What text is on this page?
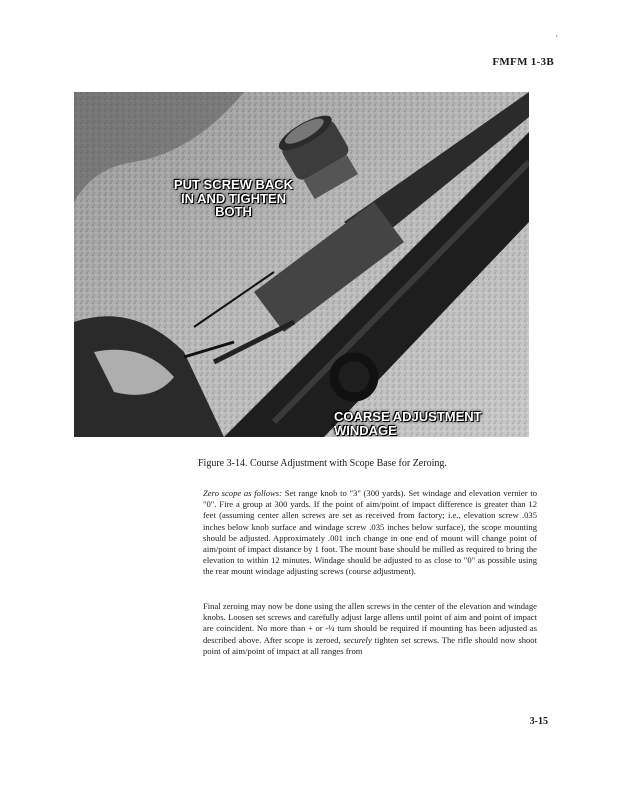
·
FMFM 1-3B
PUT SCREW BACK IN AND TIGHTEN BOTH
COARSE ADJUSTMENT WINDAGE
Figure 3-14. Course Adjustment with Scope Base for Zeroing.

Zero scope as follows: Set range knob to "3" (300 yards). Set windage and elevation vernier to "0". Fire a group at 300 yards. If the point of aim/point of impact difference is greater than 12 feet (assuming center allen screws are set as received from factory; i.e., elevation screw .035 inches below knob surface and windage screw .035 inches below surface), the scope mounting should be adjusted. Approximately .001 inch change in one end of mount will change point of aim/point of impact distance by 1 foot. The mount base should be milled as required to bring the elevation to within 12 minutes. Windage should be adjusted to as close to "0" as possible using the rear mount windage adjusting screws (course adjustment).

Final zeroing may now be done using the allen screws in the center of the elevation and windage knobs. Loosen set screws and carefully adjust large allens until point of aim and point of impact are coincident. No more than + or -¼ turn should be required if mounting has been adjusted as described above. After scope is zeroed, securely tighten set screws. The rifle should now shoot point of aim/point of impact at all ranges from

3-15
